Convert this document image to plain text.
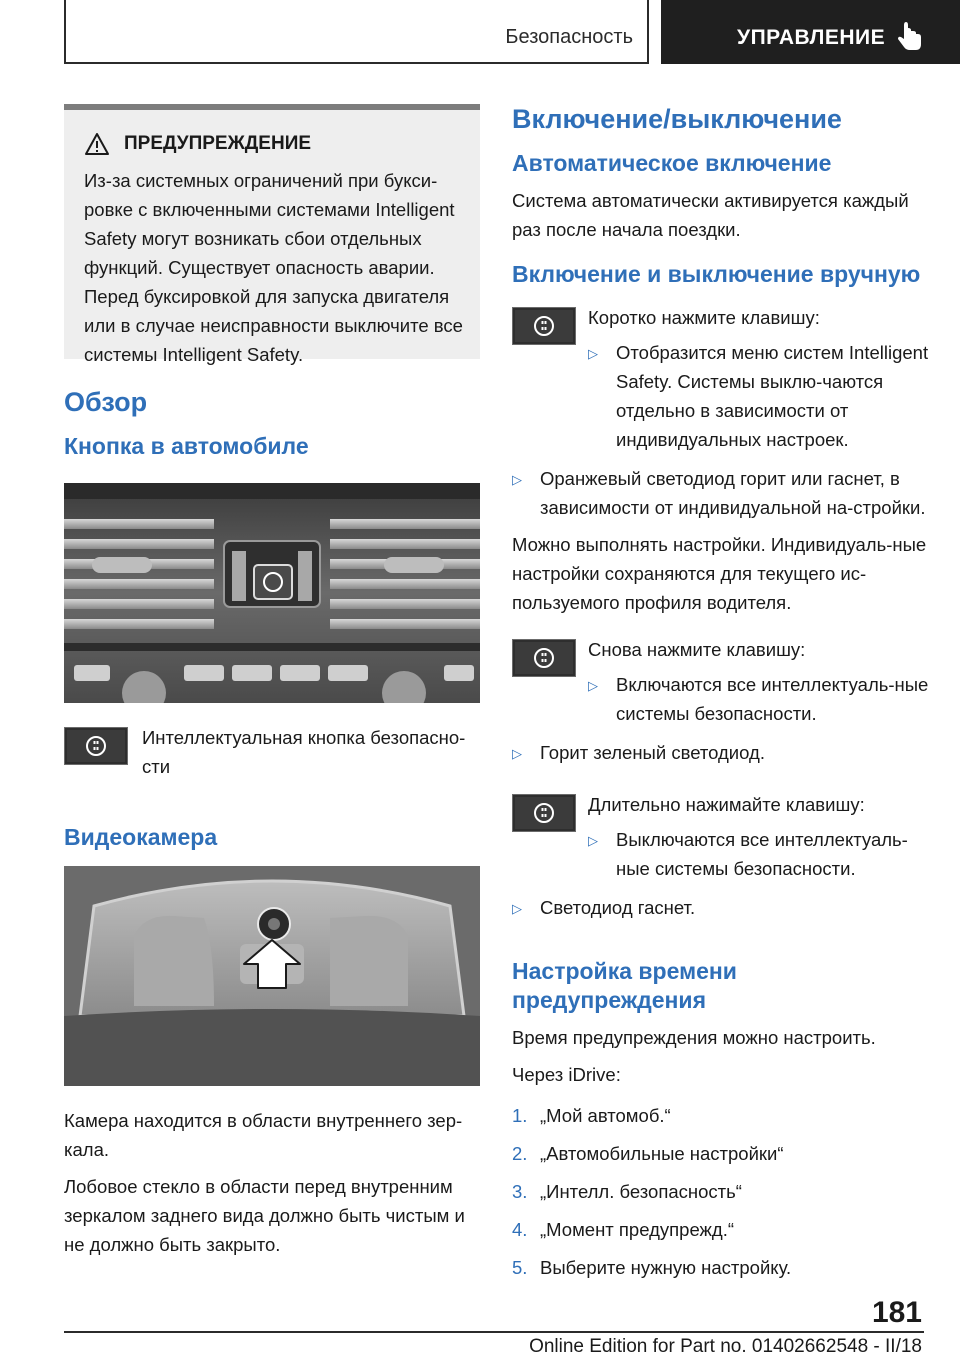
Безопасность	УПРАВЛЕНИЕ
ПРЕДУПРЕЖДЕНИЕ

Из-за системных ограничений при букси-ровке с включенными системами Intelligent Safety могут возникать сбои отдельных функций. Существует опасность аварии. Перед буксировкой для запуска двигателя или в случае неисправности выключите все системы Intelligent Safety.

Обзор
Кнопка в автомобиле

Интеллектуальная кнопка безопасно-сти

Видеокамера

Камера находится в области внутреннего зер-кала.

Лобовое стекло в области перед внутренним зеркалом заднего вида должно быть чистым и не должно быть закрыто.

Включение/выключение
Автоматическое включение

Система автоматически активируется каждый раз после начала поездки.

Включение и выключение вручную

Коротко нажмите клавишу:

▷ Отобразится меню систем Intelligent Safety. Системы выклю-чаются отдельно в зависимости от индивидуальных настроек.
▷ Оранжевый светодиод горит или гаснет, в зависимости от индивидуальной на-стройки.

Можно выполнять настройки. Индивидуаль-ные настройки сохраняются для текущего ис-пользуемого профиля водителя.

Снова нажмите клавишу:

▷ Включаются все интеллектуаль-ные системы безопасности.
▷ Горит зеленый светодиод.

Длительно нажимайте клавишу:

▷ Выключаются все интеллектуаль-ные системы безопасности.
▷ Светодиод гаснет.
Настройка времени предупреждения

Время предупреждения можно настроить.

Через iDrive:

1. „Мой автомоб.“
2. „Автомобильные настройки“
3. „Интелл. безопасность“
4. „Момент предупрежд.“
5. Выберите нужную настройку.
181
Online Edition for Part no. 01402662548 - II/18
